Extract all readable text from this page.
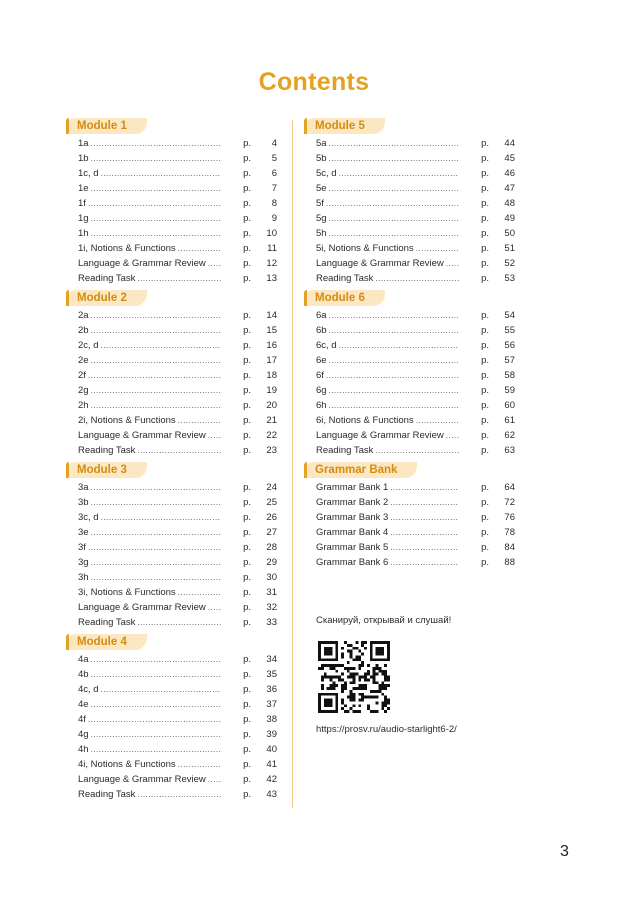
Contents
Module 1
1a .....	p.	4
1b .....	p.	5
1c, d .....	p.	6
1e .....	p.	7
1f .....	p.	8
1g .....	p.	9
1h .....	p.	10
1i, Notions & Functions .....	p.	11
Language & Grammar Review .....	p.	12
Reading Task .....	p.	13
Module 2
2a .....	p.	14
2b .....	p.	15
2c, d .....	p.	16
2e .....	p.	17
2f .....	p.	18
2g .....	p.	19
2h .....	p.	20
2i, Notions & Functions .....	p.	21
Language & Grammar Review .....	p.	22
Reading Task .....	p.	23
Module 3
3a .....	p.	24
3b .....	p.	25
3c, d .....	p.	26
3e .....	p.	27
3f .....	p.	28
3g .....	p.	29
3h .....	p.	30
3i, Notions & Functions .....	p.	31
Language & Grammar Review .....	p.	32
Reading Task .....	p.	33
Module 4
4a .....	p.	34
4b .....	p.	35
4c, d .....	p.	36
4e .....	p.	37
4f .....	p.	38
4g .....	p.	39
4h .....	p.	40
4i, Notions & Functions .....	p.	41
Language & Grammar Review .....	p.	42
Reading Task .....	p.	43
Module 5
5a .....	p.	44
5b .....	p.	45
5c, d .....	p.	46
5e .....	p.	47
5f .....	p.	48
5g .....	p.	49
5h .....	p.	50
5i, Notions & Functions .....	p.	51
Language & Grammar Review .....	p.	52
Reading Task .....	p.	53
Module 6
6a .....	p.	54
6b .....	p.	55
6c, d .....	p.	56
6e .....	p.	57
6f .....	p.	58
6g .....	p.	59
6h .....	p.	60
6i, Notions & Functions .....	p.	61
Language & Grammar Review .....	p.	62
Reading Task .....	p.	63
Grammar Bank
Grammar Bank 1 .....	p.	64
Grammar Bank 2 .....	p.	72
Grammar Bank 3 .....	p.	76
Grammar Bank 4 .....	p.	78
Grammar Bank 5 .....	p.	84
Grammar Bank 6 .....	p.	88
Сканируй, открывай и слушай!
https://prosv.ru/audio-starlight6-2/
3
